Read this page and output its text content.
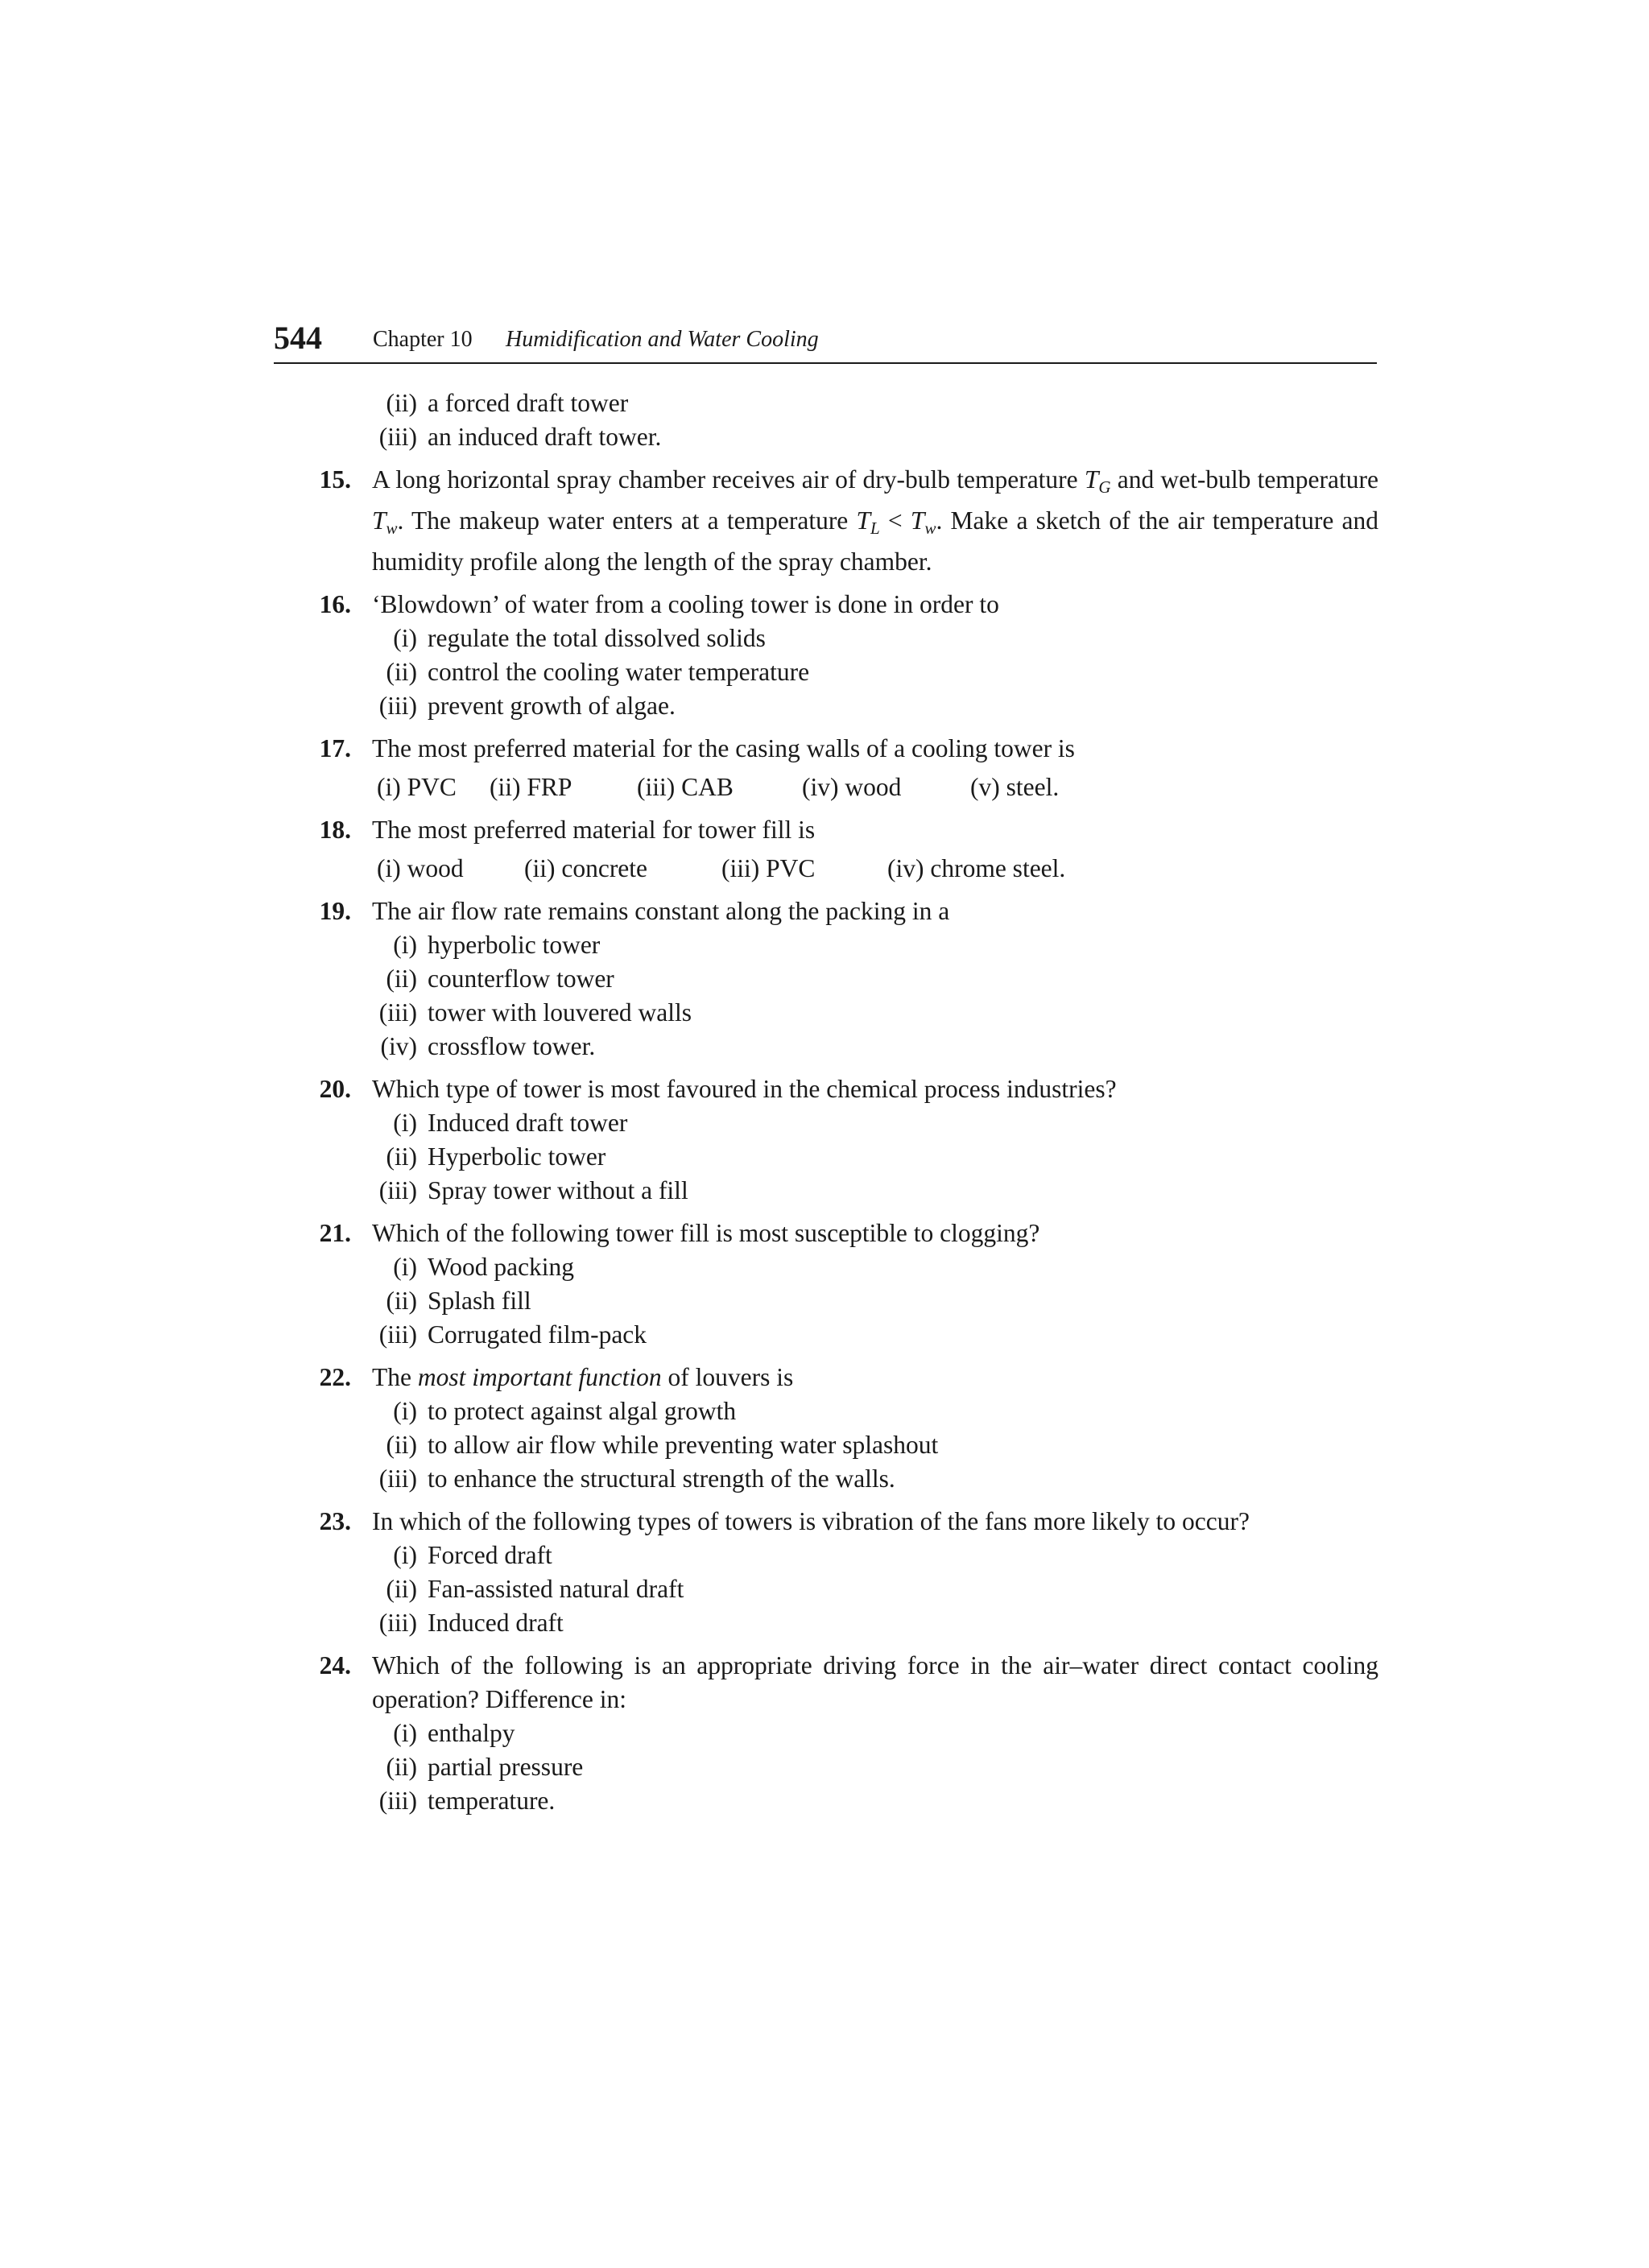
544 Chapter 10 Humidification and Water Cooling
(ii) a forced draft tower
(iii) an induced draft tower.
15. A long horizontal spray chamber receives air of dry-bulb temperature $T_G$ and wet-bulb temperature $T_w$. The makeup water enters at a temperature $T_L < T_w$. Make a sketch of the air temperature and humidity profile along the length of the spray chamber.
16. ‘Blowdown’ of water from a cooling tower is done in order to
(i) regulate the total dissolved solids
(ii) control the cooling water temperature
(iii) prevent growth of algae.
17. The most preferred material for the casing walls of a cooling tower is
(i) PVC (ii) FRP	(iii) CAB	(iv) wood	(v) steel.
18. The most preferred material for tower fill is
(i) wood (ii) concrete	(iii) PVC	(iv) chrome steel.
19. The air flow rate remains constant along the packing in a
(i) hyperbolic tower
(ii) counterflow tower
(iii) tower with louvered walls
(iv) crossflow tower.
20. Which type of tower is most favoured in the chemical process industries?
(i) Induced draft tower
(ii) Hyperbolic tower
(iii) Spray tower without a fill
21. Which of the following tower fill is most susceptible to clogging?
(i) Wood packing
(ii) Splash fill
(iii) Corrugated film-pack
22. The most important function of louvers is
(i) to protect against algal growth
(ii) to allow air flow while preventing water splashout
(iii) to enhance the structural strength of the walls.
23. In which of the following types of towers is vibration of the fans more likely to occur?
(i) Forced draft
(ii) Fan-assisted natural draft
(iii) Induced draft
24. Which of the following is an appropriate driving force in the air–water direct contact cooling operation? Difference in:
(i) enthalpy
(ii) partial pressure
(iii) temperature.
